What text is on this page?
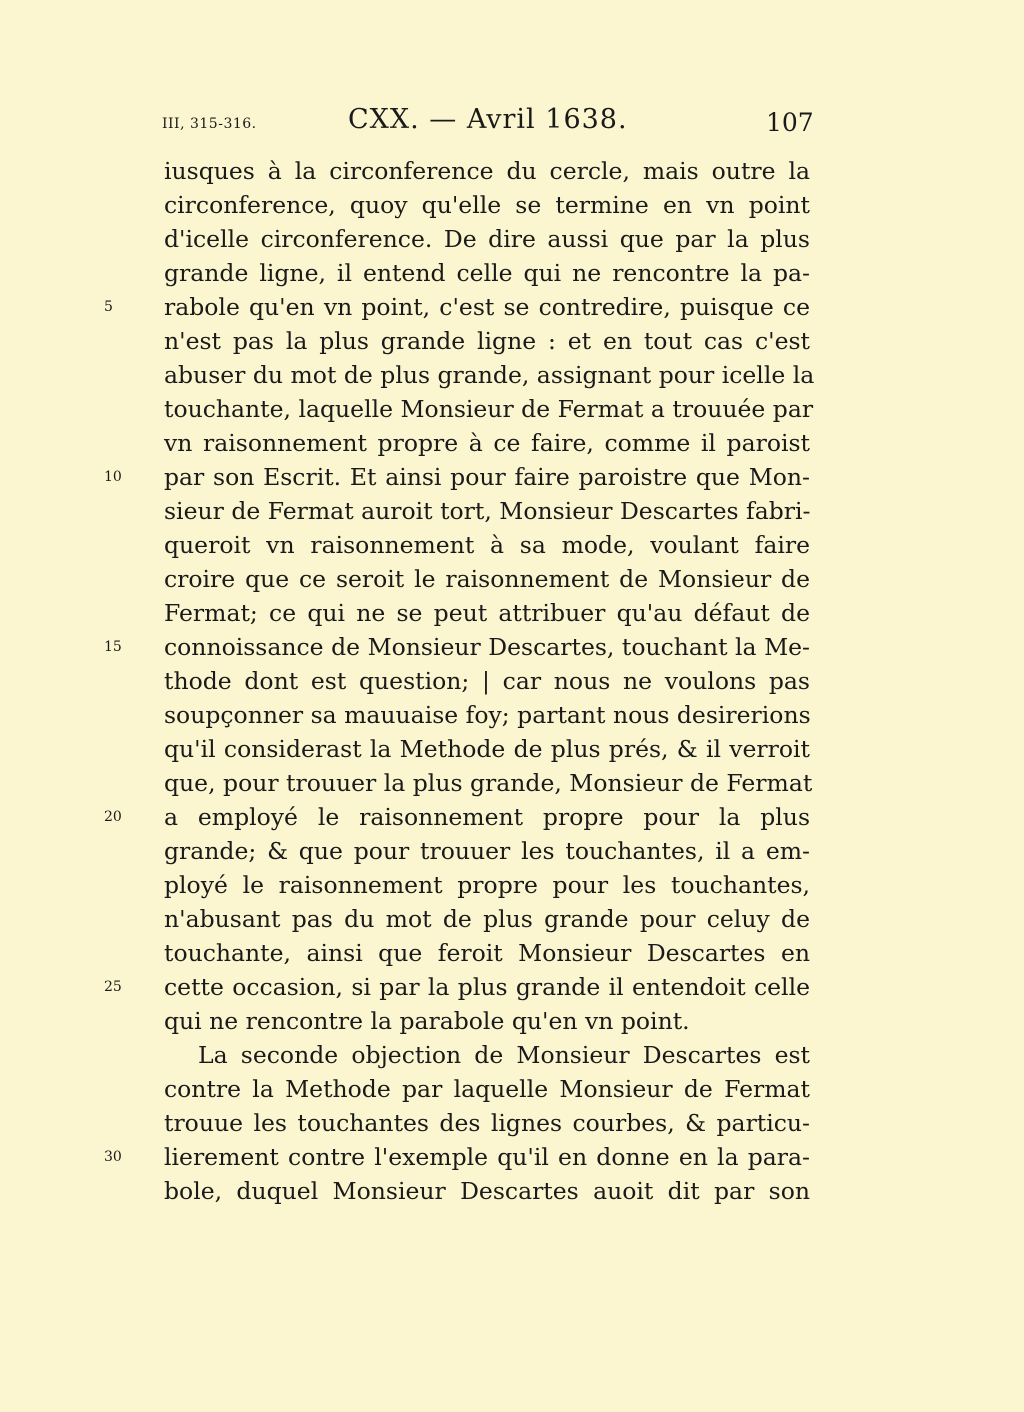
III, 315-316.	CXX. — Avril 1638.	107
iusques à la circonference du cercle, mais outre la
circonference, quoy qu'elle se termine en vn point
d'icelle circonference. De dire aussi que par la plus
grande ligne, il entend celle qui ne rencontre la pa-
5	rabole qu'en vn point, c'est se contredire, puisque ce
n'est pas la plus grande ligne : et en tout cas c'est
abuser du mot de plus grande, assignant pour icelle la
touchante, laquelle Monsieur de Fermat a trouuée par
vn raisonnement propre à ce faire, comme il paroist
10	par son Escrit. Et ainsi pour faire paroistre que Mon-
sieur de Fermat auroit tort, Monsieur Descartes fabri-
queroit vn raisonnement à sa mode, voulant faire
croire que ce seroit le raisonnement de Monsieur de
Fermat; ce qui ne se peut attribuer qu'au défaut de
15	connoissance de Monsieur Descartes, touchant la Me-
thode dont est question; | car nous ne voulons pas
soupçonner sa mauuaise foy; partant nous desirerions
qu'il considerast la Methode de plus prés, & il verroit
que, pour trouuer la plus grande, Monsieur de Fermat
20	a employé le raisonnement propre pour la plus
grande; & que pour trouuer les touchantes, il a em-
ployé le raisonnement propre pour les touchantes,
n'abusant pas du mot de plus grande pour celuy de
touchante, ainsi que feroit Monsieur Descartes en
25	cette occasion, si par la plus grande il entendoit celle
qui ne rencontre la parabole qu'en vn point.
La seconde objection de Monsieur Descartes est
contre la Methode par laquelle Monsieur de Fermat
trouue les touchantes des lignes courbes, & particu-
30	lierement contre l'exemple qu'il en donne en la para-
bole, duquel Monsieur Descartes auoit dit par son
